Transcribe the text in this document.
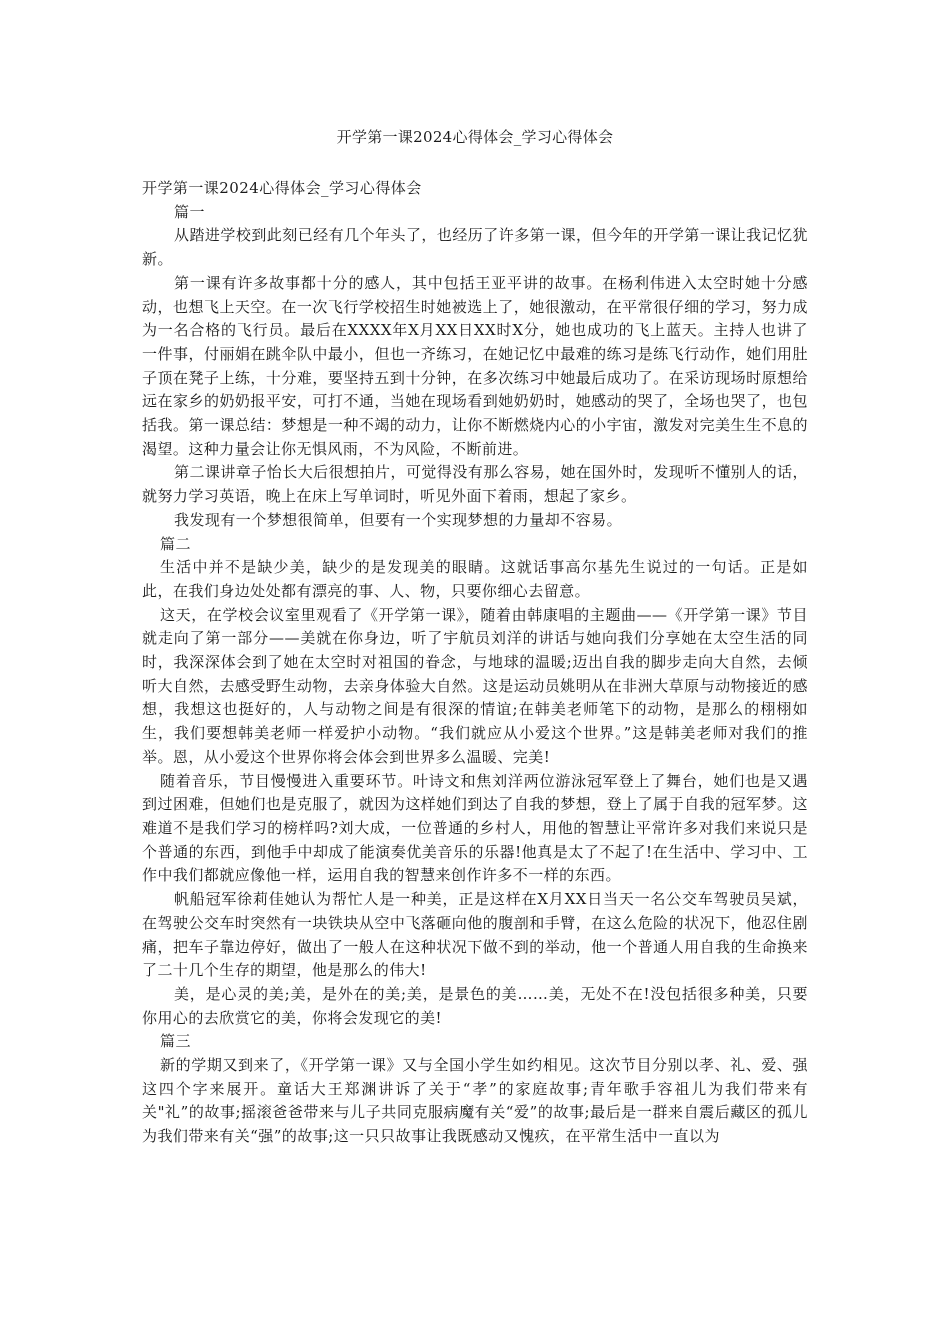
开学第一课2024心得体会_学习心得体会

开学第一课2024心得体会_学习心得体会

篇一

从踏进学校到此刻已经有几个年头了，也经历了许多第一课，但今年的开学第一课让我记忆犹新。

第一课有许多故事都十分的感人，其中包括王亚平讲的故事。在杨利伟进入太空时她十分感动，也想飞上天空。在一次飞行学校招生时她被选上了，她很激动，在平常很仔细的学习，努力成为一名合格的飞行员。最后在XXXX年X月XX日XX时X分，她也成功的飞上蓝天。主持人也讲了一件事，付丽娟在跳伞队中最小，但也一齐练习，在她记忆中最难的练习是练飞行动作，她们用肚子顶在凳子上练，十分难，要坚持五到十分钟，在多次练习中她最后成功了。在采访现场时原想给远在家乡的奶奶报平安，可打不通，当她在现场看到她奶奶时，她感动的哭了，全场也哭了，也包括我。第一课总结：梦想是一种不竭的动力，让你不断燃烧内心的小宇宙，激发对完美生生不息的渴望。这种力量会让你无惧风雨，不为风险，不断前进。

第二课讲章子怡长大后很想拍片，可觉得没有那么容易，她在国外时，发现听不懂别人的话，就努力学习英语，晚上在床上写单词时，听见外面下着雨，想起了家乡。

我发现有一个梦想很简单，但要有一个实现梦想的力量却不容易。

篇二

生活中并不是缺少美，缺少的是发现美的眼睛。这就话事高尔基先生说过的一句话。正是如此，在我们身边处处都有漂亮的事、人、物，只要你细心去留意。

这天，在学校会议室里观看了《开学第一课》，随着由韩康唱的主题曲——《开学第一课》节目就走向了第一部分——美就在你身边，听了宇航员刘洋的讲话与她向我们分享她在太空生活的同时，我深深体会到了她在太空时对祖国的眷念，与地球的温暖;迈出自我的脚步走向大自然，去倾听大自然，去感受野生动物，去亲身体验大自然。这是运动员姚明从在非洲大草原与动物接近的感想，我想这也挺好的，人与动物之间是有很深的情谊;在韩美老师笔下的动物，是那么的栩栩如生，我们要想韩美老师一样爱护小动物。“我们就应从小爱这个世界。”这是韩美老师对我们的推举。恩，从小爱这个世界你将会体会到世界多么温暖、完美!

随着音乐，节目慢慢进入重要环节。叶诗文和焦刘洋两位游泳冠军登上了舞台，她们也是又遇到过困难，但她们也是克服了，就因为这样她们到达了自我的梦想，登上了属于自我的冠军梦。这难道不是我们学习的榜样吗?刘大成，一位普通的乡村人，用他的智慧让平常许多对我们来说只是个普通的东西，到他手中却成了能演奏优美音乐的乐器!他真是太了不起了!在生活中、学习中、工作中我们都就应像他一样，运用自我的智慧来创作许多不一样的东西。

帆船冠军徐莉佳她认为帮忙人是一种美，正是这样在X月XX日当天一名公交车驾驶员吴斌，在驾驶公交车时突然有一块铁块从空中飞落砸向他的腹剖和手臂，在这么危险的状况下，他忍住剧痛，把车子靠边停好，做出了一般人在这种状况下做不到的举动，他一个普通人用自我的生命换来了二十几个生存的期望，他是那么的伟大!

美，是心灵的美;美，是外在的美;美，是景色的美……美，无处不在!没包括很多种美，只要你用心的去欣赏它的美，你将会发现它的美!

篇三

新的学期又到来了，《开学第一课》又与全国小学生如约相见。这次节目分别以孝、礼、爱、强这四个字来展开。童话大王郑渊讲诉了关于“孝”的家庭故事;青年歌手容祖儿为我们带来有关"礼”的故事;摇滚爸爸带来与儿子共同克服病魔有关“爱”的故事;最后是一群来自震后藏区的孤儿为我们带来有关“强”的故事;这一只只故事让我既感动又愧疚，在平常生活中一直以为
